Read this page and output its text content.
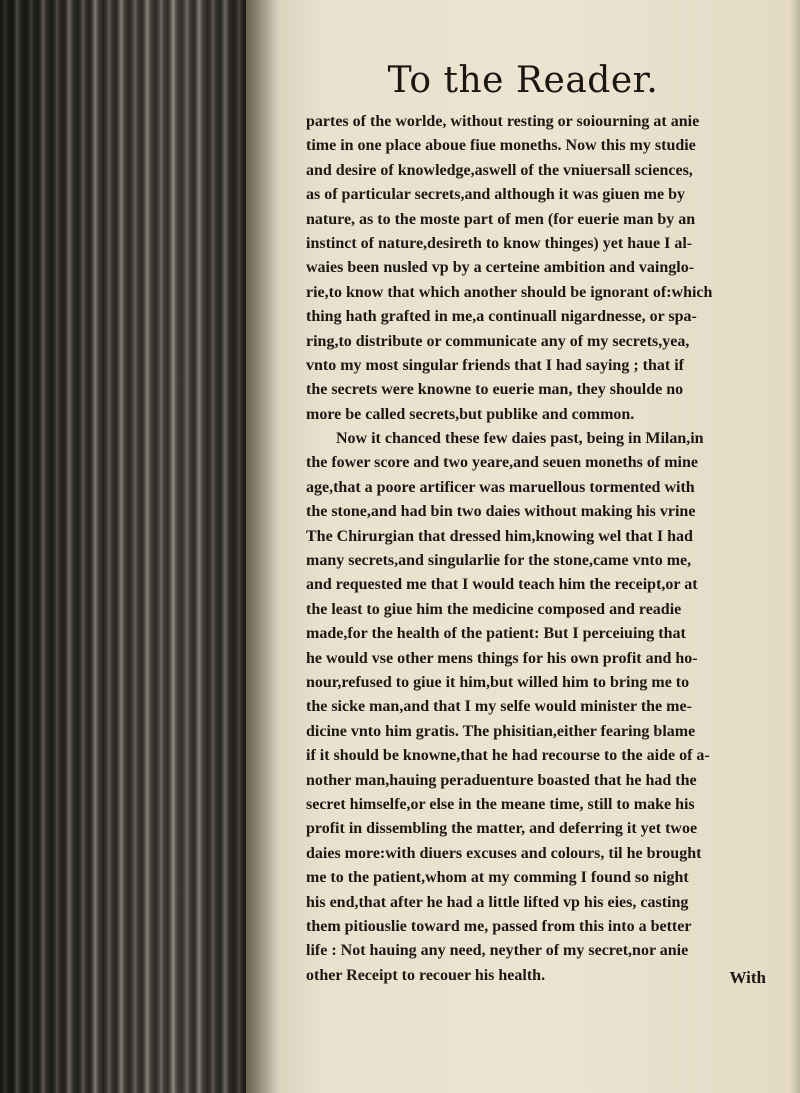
To the Reader.
partes of the worlde, without resting or soiourning at anie
time in one place aboue fiue moneths. Now this my studie
and desire of knowledge,aswell of the vniuersall sciences,
as of particular secrets,and although it was giuen me by
nature, as to the moste part of men (for euerie man by an
instinct of nature,desireth to know thinges) yet haue I al-
waies been nusled vp by a certeine ambition and vainglo-
rie,to know that which another should be ignorant of:which
thing hath grafted in me,a continuall nigardnesse, or spa-
ring,to distribute or communicate any of my secrets,yea,
vnto my most singular friends that I had saying ; that if
the secrets were knowne to euerie man, they shoulde no
more be called secrets,but publike and common.
Now it chanced these few daies past, being in Milan,in
the fower score and two yeare,and seuen moneths of mine
age,that a poore artificer was maruellous tormented with
the stone,and had bin two daies without making his vrine
The Chirurgian that dressed him,knowing wel that I had
many secrets,and singularlie for the stone,came vnto me,
and requested me that I would teach him the receipt,or at
the least to giue him the medicine composed and readie
made,for the health of the patient: But I perceiuing that
he would vse other mens things for his own profit and ho-
nour,refused to giue it him,but willed him to bring me to
the sicke man,and that I my selfe would minister the me-
dicine vnto him gratis. The phisitian,either fearing blame
if it should be knowne,that he had recourse to the aide of a-
nother man,hauing peraduenture boasted that he had the
secret himselfe,or else in the meane time, still to make his
profit in dissembling the matter, and deferring it yet twoe
daies more:with diuers excuses and colours, til he brought
me to the patient,whom at my comming I found so night
his end,that after he had a little lifted vp his eies, casting
them pitiouslie toward me, passed from this into a better
life : Not hauing any need, neyther of my secret,nor anie
other Receipt to recouer his health.	With
